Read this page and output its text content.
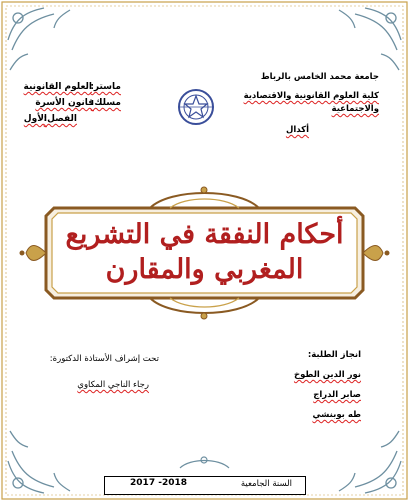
جامعة محمد الخامس بالرباط
كلية العلوم القانونية والاقتصادية والاجتماعية
أكدال
ماستر:
العلوم القانونية
مسلك:
قانون الأسرة
الفصل:
الأول
أحكام النفقة في التشريع
المغربي والمقارن
انجاز الطلبة:
نور الدين الطوخ
صابر الدراج
طه بوبنشي
تحت إشراف الأستاذة الدكتورة:
رجاء الناجي المكاوي
السنة الجامعية
2017 -2018
